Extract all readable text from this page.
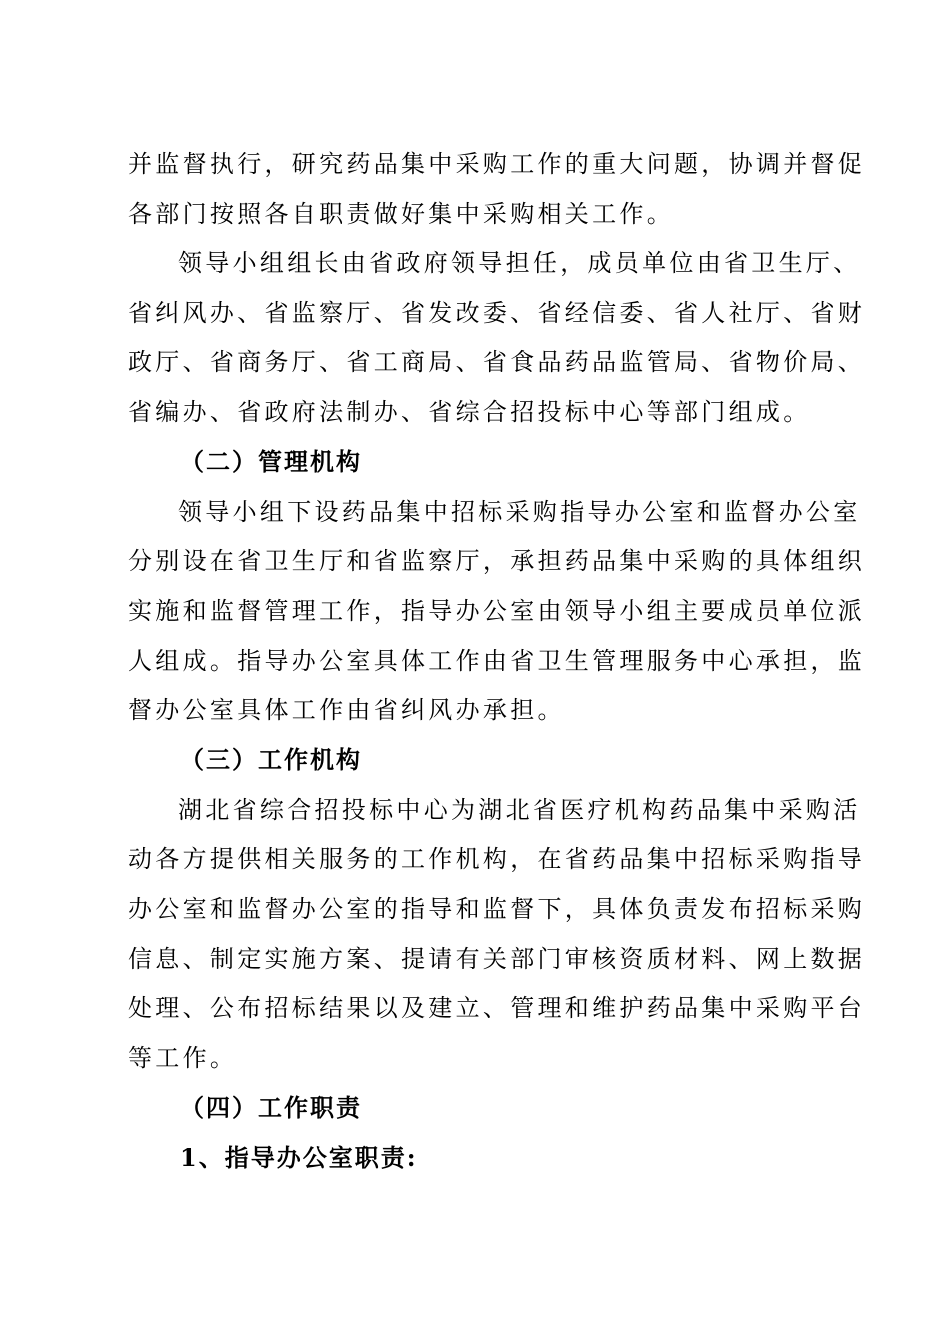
并监督执行，研究药品集中采购工作的重大问题，协调并督促
各部门按照各自职责做好集中采购相关工作。
领导小组组长由省政府领导担任，成员单位由省卫生厅、
省纠风办、省监察厅、省发改委、省经信委、省人社厅、省财
政厅、省商务厅、省工商局、省食品药品监管局、省物价局、
省编办、省政府法制办、省综合招投标中心等部门组成。
（二）管理机构
领导小组下设药品集中招标采购指导办公室和监督办公室
分别设在省卫生厅和省监察厅，承担药品集中采购的具体组织
实施和监督管理工作，指导办公室由领导小组主要成员单位派
人组成。指导办公室具体工作由省卫生管理服务中心承担，监
督办公室具体工作由省纠风办承担。
（三）工作机构
湖北省综合招投标中心为湖北省医疗机构药品集中采购活
动各方提供相关服务的工作机构，在省药品集中招标采购指导
办公室和监督办公室的指导和监督下，具体负责发布招标采购
信息、制定实施方案、提请有关部门审核资质材料、网上数据
处理、公布招标结果以及建立、管理和维护药品集中采购平台
等工作。
（四）工作职责
1、指导办公室职责:
